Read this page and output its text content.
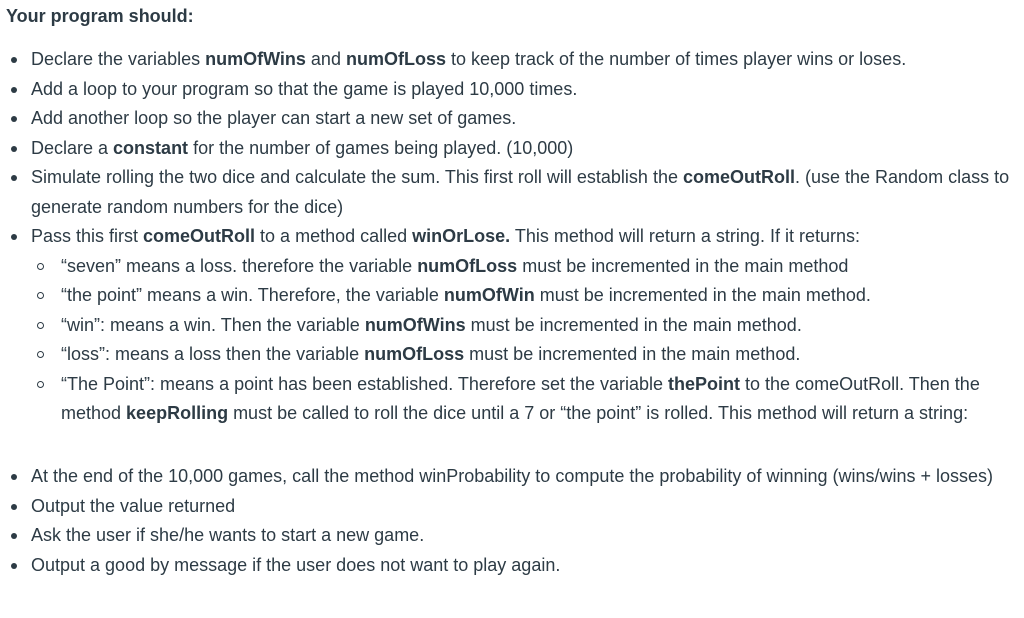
Your program should:
Declare the variables numOfWins and numOfLoss to keep track of the number of times player wins or loses.
Add a loop to your program so that the game is played 10,000 times.
Add another loop so the player can start a new set of games.
Declare a constant for the number of games being played. (10,000)
Simulate rolling the two dice and calculate the sum. This first roll will establish the comeOutRoll. (use the Random class to generate random numbers for the dice)
Pass this first comeOutRoll to a method called winOrLose. This method will return a string. If it returns:
“seven” means a loss. therefore the variable numOfLoss must be incremented in the main method
“the point” means a win. Therefore, the variable numOfWin must be incremented in the main method.
“win”: means a win. Then the variable numOfWins must be incremented in the main method.
“loss”: means a loss then the variable numOfLoss must be incremented in the main method.
“The Point”: means a point has been established. Therefore set the variable thePoint to the comeOutRoll. Then the method keepRolling must be called to roll the dice until a 7 or “the point” is rolled. This method will return a string:
At the end of the 10,000 games, call the method winProbability to compute the probability of winning (wins/wins + losses)
Output the value returned
Ask the user if she/he wants to start a new game.
Output a good by message if the user does not want to play again.
